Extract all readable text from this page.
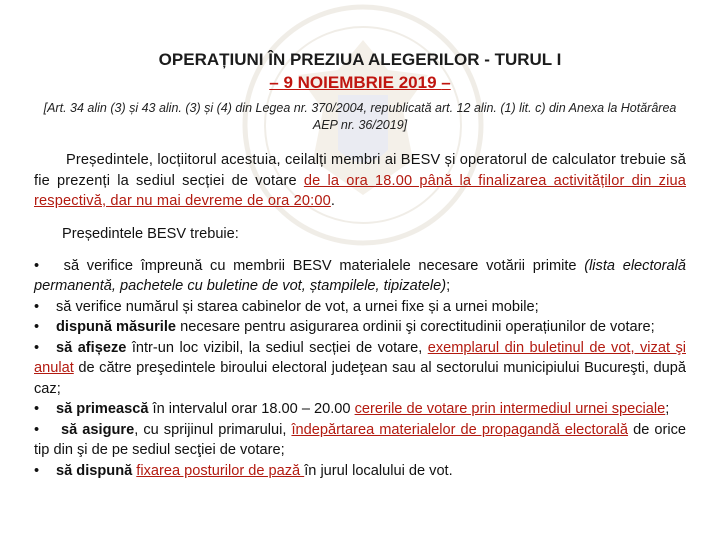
OPERAȚIUNI ÎN PREZIUA ALEGERILOR - TURUL I
– 9 NOIEMBRIE 2019 –
[Art. 34 alin (3) și 43 alin. (3) și (4) din Legea nr. 370/2004, republicată art. 12 alin. (1) lit. c) din Anexa la Hotărârea AEP nr. 36/2019]
Președintele, locțiitorul acestuia, ceilalți membri ai BESV și operatorul de calculator trebuie să fie prezenți la sediul secției de votare de la ora 18.00 până la finalizarea activităților din ziua respectivă, dar nu mai devreme de ora 20:00.
Președintele BESV trebuie:
• să verifice împreună cu membrii BESV materialele necesare votării primite (lista electorală permanentă, pachetele cu buletine de vot, ștampilele, tipizatele);
• să verifice numărul și starea cabinelor de vot, a urnei fixe și a urnei mobile;
• dispună măsurile necesare pentru asigurarea ordinii şi corectitudinii operațiunilor de votare;
• să afișeze într-un loc vizibil, la sediul secției de votare, exemplarul din buletinul de vot, vizat şi anulat de către preşedintele biroului electoral judeţean sau al sectorului municipiului Bucureşti, după caz;
• să primească în intervalul orar 18.00 – 20.00 cererile de votare prin intermediul urnei speciale;
• să asigure, cu sprijinul primarului, îndepărtarea materialelor de propagandă electorală de orice tip din şi de pe sediul secţiei de votare;
• să dispună fixarea posturilor de pază în jurul localului de vot.
